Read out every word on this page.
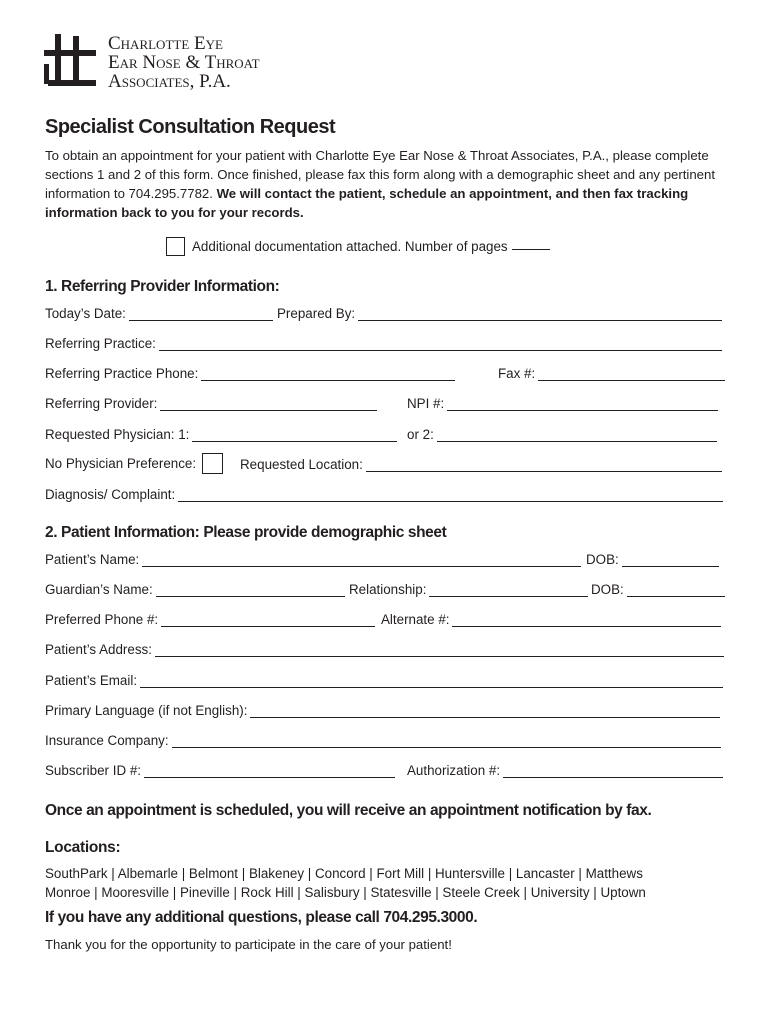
Charlotte Eye
Ear Nose & Throat
Associates, P.A.
Specialist Consultation Request
To obtain an appointment for your patient with Charlotte Eye Ear Nose & Throat Associates, P.A., please complete sections 1 and 2 of this form. Once finished, please fax this form along with a demographic sheet and any pertinent information to 704.295.7782. We will contact the patient, schedule an appointment, and then fax tracking information back to you for your records.
Additional documentation attached. Number of pages
1. Referring Provider Information:
Today’s Date:	Prepared By:
Referring Practice:
Referring Practice Phone:	Fax #:
Referring Provider:	NPI #:
Requested Physician: 1:	or 2:
No Physician Preference:	Requested Location:
Diagnosis/ Complaint:
2. Patient Information: Please provide demographic sheet
Patient’s Name:	DOB:
Guardian’s Name:	Relationship:	DOB:
Preferred Phone #:	Alternate #:
Patient’s Address:
Patient’s Email:
Primary Language (if not English):
Insurance Company:
Subscriber ID #:	Authorization #:
Once an appointment is scheduled, you will receive an appointment notification by fax.
Locations:
SouthPark | Albemarle | Belmont | Blakeney | Concord | Fort Mill | Huntersville | Lancaster | Matthews
Monroe | Mooresville | Pineville | Rock Hill | Salisbury | Statesville | Steele Creek | University | Uptown
If you have any additional questions, please call 704.295.3000.
Thank you for the opportunity to participate in the care of your patient!
